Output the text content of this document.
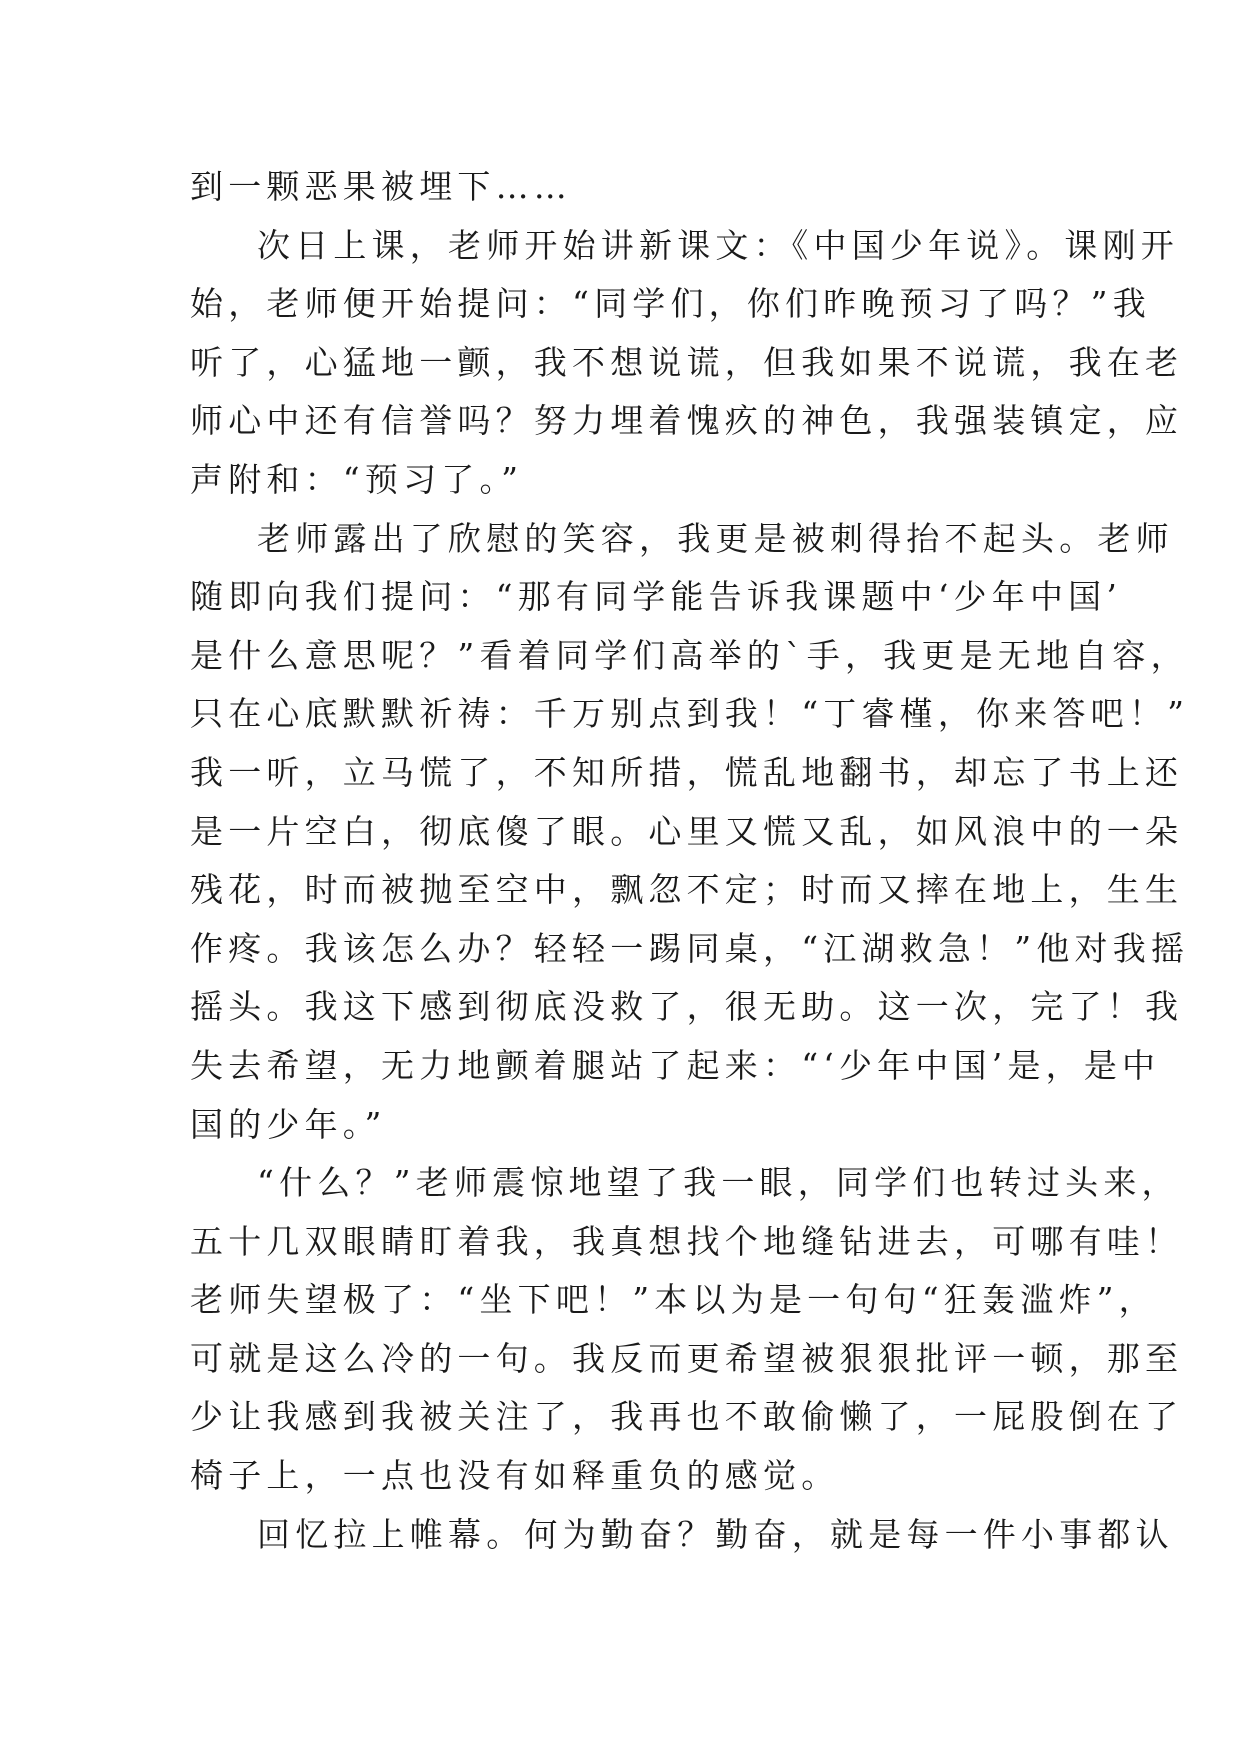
到一颗恶果被埋下……
次日上课，老师开始讲新课文：《中国少年说》。课刚开
始，老师便开始提问：“同学们，你们昨晚预习了吗？”我
听了，心猛地一颤，我不想说谎，但我如果不说谎，我在老
师心中还有信誉吗？努力埋着愧疚的神色，我强装镇定，应
声附和：“预习了。”
老师露出了欣慰的笑容，我更是被刺得抬不起头。老师
随即向我们提问：“那有同学能告诉我课题中‘少年中国’
是什么意思呢？”看着同学们高举的`手，我更是无地自容，
只在心底默默祈祷：千万别点到我！“丁睿槿，你来答吧！”
我一听，立马慌了，不知所措，慌乱地翻书，却忘了书上还
是一片空白，彻底傻了眼。心里又慌又乱，如风浪中的一朵
残花，时而被抛至空中，飘忽不定；时而又摔在地上，生生
作疼。我该怎么办？轻轻一踢同桌，“江湖救急！”他对我摇
摇头。我这下感到彻底没救了，很无助。这一次，完了！我
失去希望，无力地颤着腿站了起来：“‘少年中国’是，是中
国的少年。”
“什么？”老师震惊地望了我一眼，同学们也转过头来，
五十几双眼睛盯着我，我真想找个地缝钻进去，可哪有哇！
老师失望极了：“坐下吧！”本以为是一句句“狂轰滥炸”，
可就是这么冷的一句。我反而更希望被狠狠批评一顿，那至
少让我感到我被关注了，我再也不敢偷懒了，一屁股倒在了
椅子上，一点也没有如释重负的感觉。
回忆拉上帷幕。何为勤奋？勤奋，就是每一件小事都认
